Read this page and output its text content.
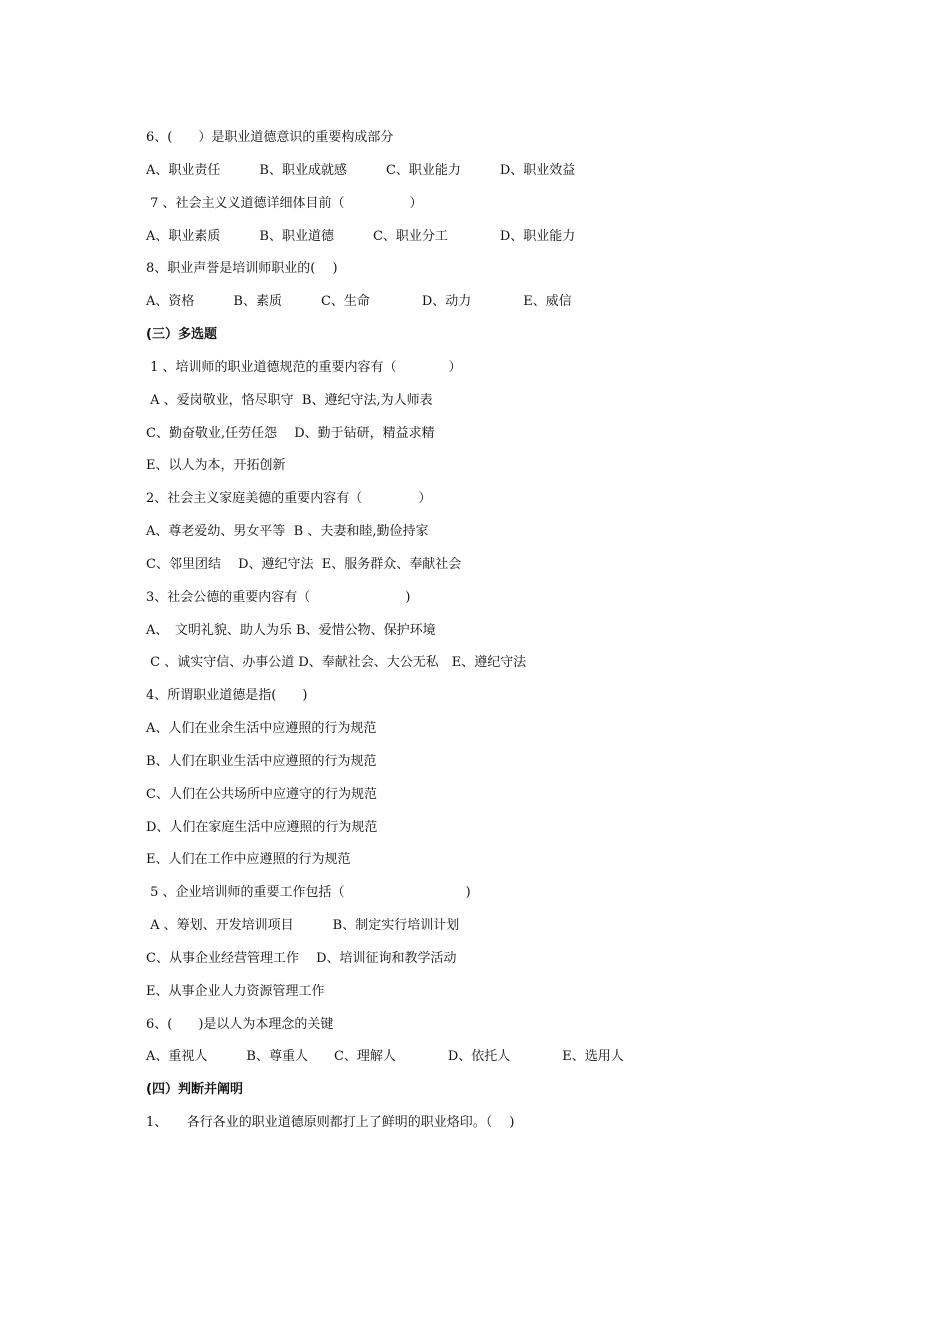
6、(　　）是职业道德意识的重要构成部分

A、职业责任　　　B、职业成就感　　　C、职业能力　　　D、职业效益

7 、社会主义义道德详细体目前（　　　　　）

A、职业素质　　　B、职业道德　　　C、职业分工　　　　D、职业能力

8、职业声誉是培训师职业的(　 )

A、资格　　　B、素质　　　C、生命　　　　D、动力　　　　E、威信

(三）多选题

1 、培训师的职业道德规范的重要内容有（　　　　）

A 、爱岗敬业，恪尽职守  B、遵纪守法,为人师表

C、勤奋敬业,任劳任怨　 D、勤于钻研，精益求精

E、以人为本，开拓创新

2、社会主义家庭美德的重要内容有（　　　　 ）

A、尊老爱幼、男女平等  B 、夫妻和睦,勤俭持家

C、邻里团结　 D、遵纪守法  E、服务群众、奉献社会

3、社会公德的重要内容有（　　　　　　　 )

A、　文明礼貌、助人为乐 B、爱惜公物、保护环境

C 、诚实守信、办事公道 D、奉献社会、大公无私　E、遵纪守法

4、所谓职业道德是指(　　)

A、人们在业余生活中应遵照的行为规范

B、人们在职业生活中应遵照的行为规范

C、人们在公共场所中应遵守的行为规范

D、人们在家庭生活中应遵照的行为规范

E、人们在工作中应遵照的行为规范

5 、企业培训师的重要工作包括（　　　　　　　　　 )

A 、筹划、开发培训项目　　　B、制定实行培训计划

C、从事企业经营管理工作　 D、培训征询和教学活动

E、从事企业人力资源管理工作

6、(　　)是以人为本理念的关键

A、重视人　　　B、尊重人　　C、理解人　　　　D、依托人　　　　E、选用人

(四）判断并阐明

1、　　各行各业的职业道德原则都打上了鲜明的职业烙印。（　 )
